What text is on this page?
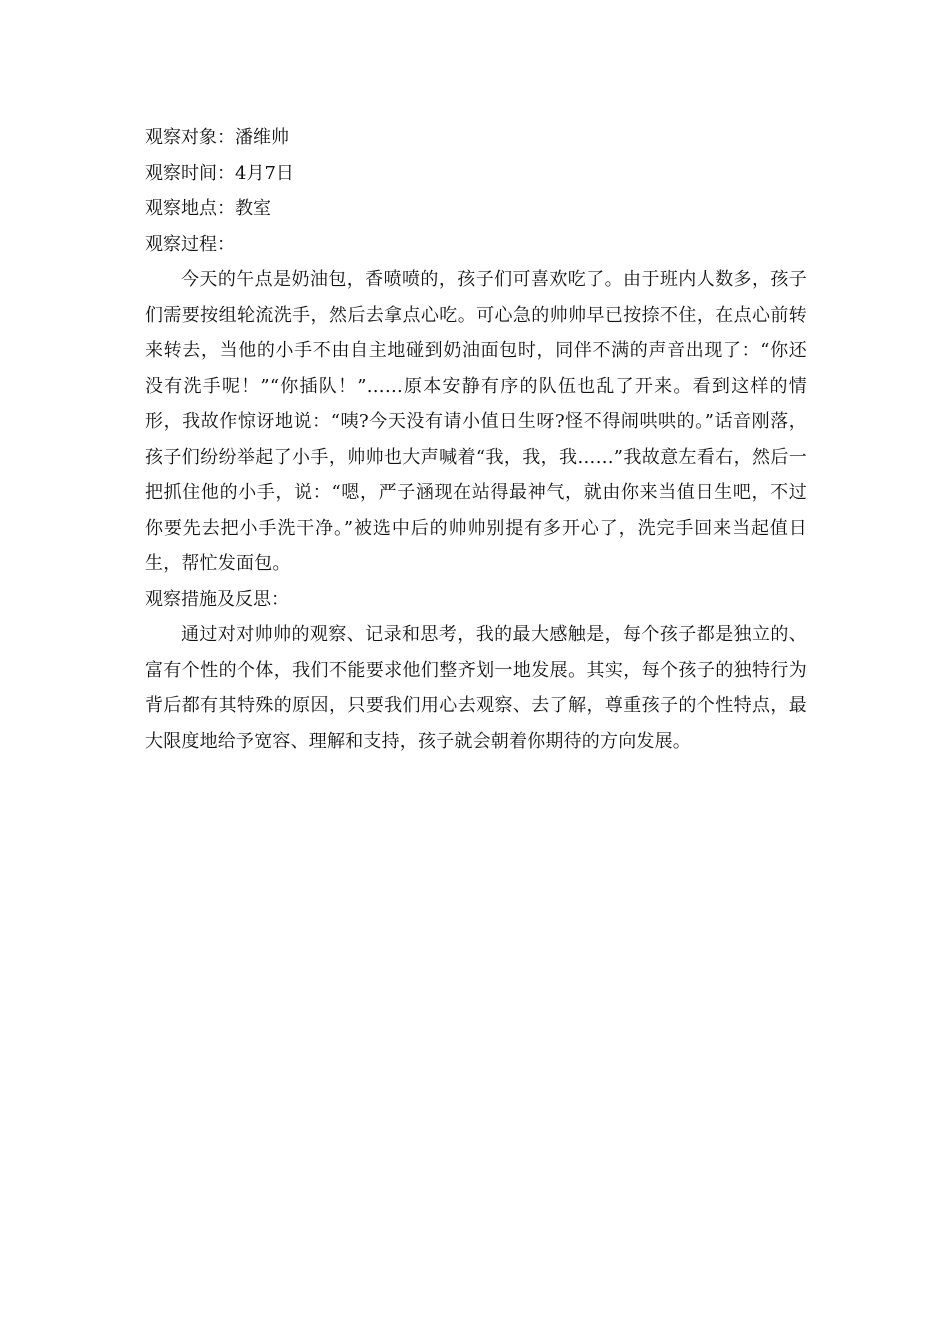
观察对象：潘维帅

观察时间：4月7日

观察地点：教室

观察过程：

今天的午点是奶油包，香喷喷的，孩子们可喜欢吃了。由于班内人数多，孩子们需要按组轮流洗手，然后去拿点心吃。可心急的帅帅早已按捺不住，在点心前转来转去，当他的小手不由自主地碰到奶油面包时，同伴不满的声音出现了：“你还没有洗手呢！”“你插队！”……原本安静有序的队伍也乱了开来。看到这样的情形，我故作惊讶地说：“咦?今天没有请小值日生呀?怪不得闹哄哄的。”话音刚落，孩子们纷纷举起了小手，帅帅也大声喊着“我，我，我……”我故意左看右，然后一把抓住他的小手，说：“嗯，严子涵现在站得最神气，就由你来当值日生吧，不过你要先去把小手洗干净。”被选中后的帅帅别提有多开心了，洗完手回来当起值日生，帮忙发面包。

观察措施及反思：

通过对对帅帅的观察、记录和思考，我的最大感触是，每个孩子都是独立的、富有个性的个体，我们不能要求他们整齐划一地发展。其实，每个孩子的独特行为背后都有其特殊的原因，只要我们用心去观察、去了解，尊重孩子的个性特点，最大限度地给予宽容、理解和支持，孩子就会朝着你期待的方向发展。
